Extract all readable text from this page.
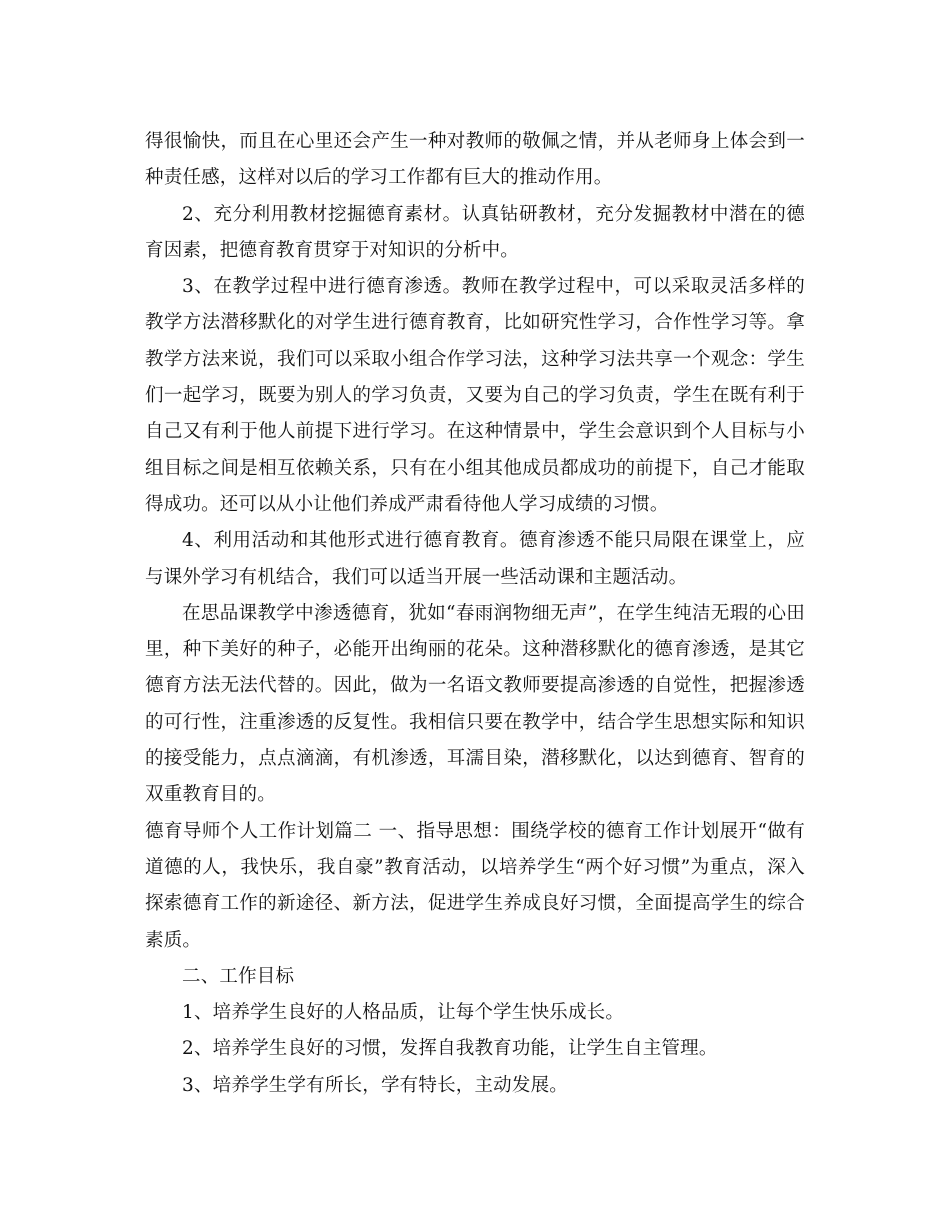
得很愉快，而且在心里还会产生一种对教师的敬佩之情，并从老师身上体会到一种责任感，这样对以后的学习工作都有巨大的推动作用。

2、充分利用教材挖掘德育素材。认真钻研教材，充分发掘教材中潜在的德育因素，把德育教育贯穿于对知识的分析中。

3、在教学过程中进行德育渗透。教师在教学过程中，可以采取灵活多样的教学方法潜移默化的对学生进行德育教育，比如研究性学习，合作性学习等。拿教学方法来说，我们可以采取小组合作学习法，这种学习法共享一个观念：学生们一起学习，既要为别人的学习负责，又要为自己的学习负责，学生在既有利于自己又有利于他人前提下进行学习。在这种情景中，学生会意识到个人目标与小组目标之间是相互依赖关系，只有在小组其他成员都成功的前提下，自己才能取得成功。还可以从小让他们养成严肃看待他人学习成绩的习惯。

4、利用活动和其他形式进行德育教育。德育渗透不能只局限在课堂上，应与课外学习有机结合，我们可以适当开展一些活动课和主题活动。

在思品课教学中渗透德育，犹如“春雨润物细无声”，在学生纯洁无瑕的心田里，种下美好的种子，必能开出绚丽的花朵。这种潜移默化的德育渗透，是其它德育方法无法代替的。因此，做为一名语文教师要提高渗透的自觉性，把握渗透的可行性，注重渗透的反复性。我相信只要在教学中，结合学生思想实际和知识的接受能力，点点滴滴，有机渗透，耳濡目染，潜移默化，以达到德育、智育的双重教育目的。

德育导师个人工作计划篇二 一、指导思想：围绕学校的德育工作计划展开“做有道德的人，我快乐，我自豪”教育活动，以培养学生“两个好习惯”为重点，深入探索德育工作的新途径、新方法，促进学生养成良好习惯，全面提高学生的综合素质。

二、工作目标

1、培养学生良好的人格品质，让每个学生快乐成长。

2、培养学生良好的习惯，发挥自我教育功能，让学生自主管理。

3、培养学生学有所长，学有特长，主动发展。
